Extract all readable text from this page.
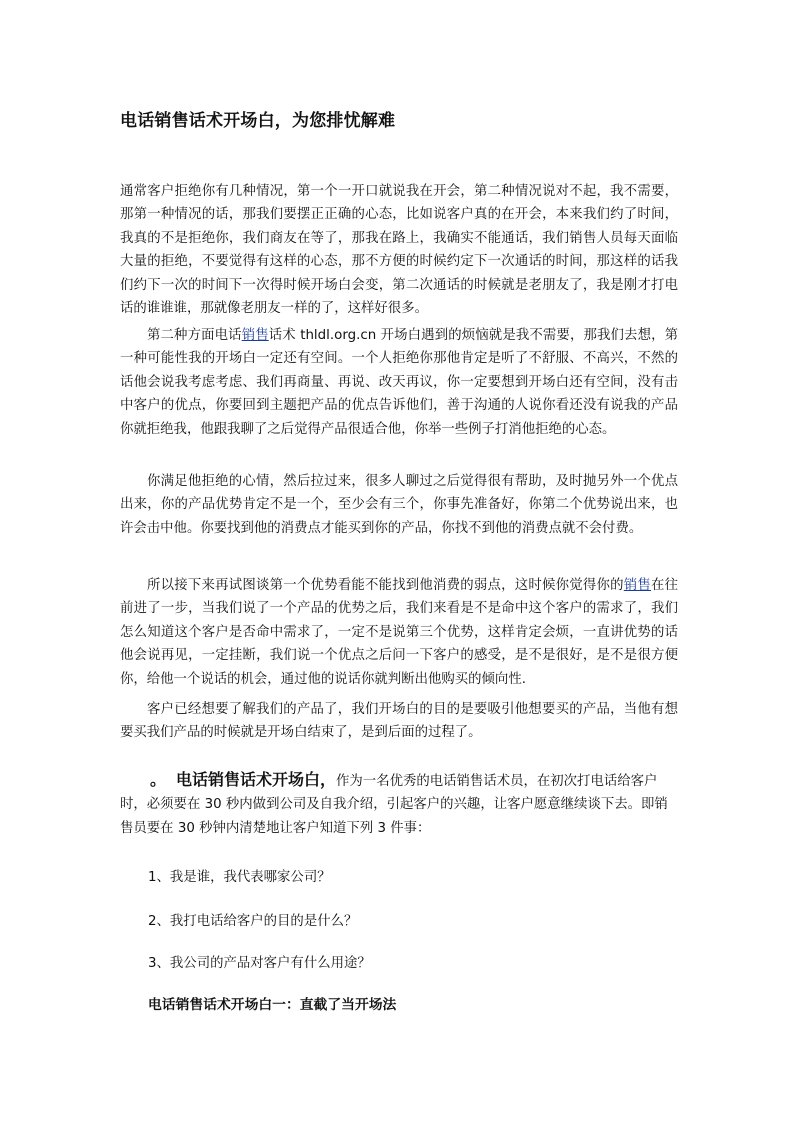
电话销售话术开场白，为您排忧解难

通常客户拒绝你有几种情况，第一个一开口就说我在开会，第二种情况说对不起，我不需要，那第一种情况的话，那我们要摆正正确的心态，比如说客户真的在开会，本来我们约了时间，我真的不是拒绝你，我们商友在等了，那我在路上，我确实不能通话，我们销售人员每天面临大量的拒绝，不要觉得有这样的心态，那不方便的时候约定下一次通话的时间，那这样的话我们约下一次的时间下一次得时候开场白会变，第二次通话的时候就是老朋友了，我是刚才打电话的谁谁谁，那就像老朋友一样的了，这样好很多。

第二种方面电话销售话术 thldl.org.cn 开场白遇到的烦恼就是我不需要，那我们去想，第一种可能性我的开场白一定还有空间。一个人拒绝你那他肯定是听了不舒服、不高兴，不然的话他会说我考虑考虑、我们再商量、再说、改天再议，你一定要想到开场白还有空间，没有击中客户的优点，你要回到主题把产品的优点告诉他们，善于沟通的人说你看还没有说我的产品你就拒绝我，他跟我聊了之后觉得产品很适合他，你举一些例子打消他拒绝的心态。

你满足他拒绝的心情，然后拉过来，很多人聊过之后觉得很有帮助，及时抛另外一个优点出来，你的产品优势肯定不是一个，至少会有三个，你事先准备好，你第二个优势说出来，也许会击中他。你要找到他的消费点才能买到你的产品，你找不到他的消费点就不会付费。

所以接下来再试图谈第一个优势看能不能找到他消费的弱点，这时候你觉得你的销售在往前进了一步，当我们说了一个产品的优势之后，我们来看是不是命中这个客户的需求了，我们怎么知道这个客户是否命中需求了，一定不是说第三个优势，这样肯定会烦，一直讲优势的话他会说再见，一定挂断，我们说一个优点之后问一下客户的感受，是不是很好，是不是很方便你，给他一个说话的机会，通过他的说话你就判断出他购买的倾向性.

客户已经想要了解我们的产品了，我们开场白的目的是要吸引他想要买的产品，当他有想要买我们产品的时候就是开场白结束了，是到后面的过程了。

。 电话销售话术开场白，作为一名优秀的电话销售话术员，在初次打电话给客户时，必须要在 30 秒内做到公司及自我介绍，引起客户的兴趣，让客户愿意继续谈下去。即销售员要在 30 秒钟内清楚地让客户知道下列 3 件事：

1、我是谁，我代表哪家公司？
2、我打电话给客户的目的是什么？
3、我公司的产品对客户有什么用途？
电话销售话术开场白一：直截了当开场法
